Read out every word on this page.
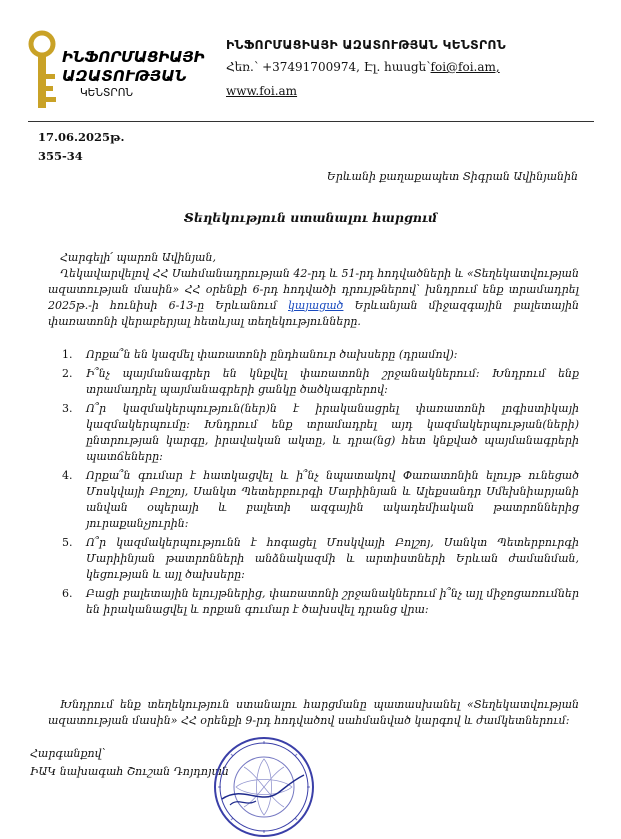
ԻՆՖՈՐՄԱՑԻԱՅԻ
ԱԶԱՏՈՒԹՅԱՆ
ԿԵՆՏՐՈՆ
ԻՆՖՈՐՄԱՑԻԱՅԻ ԱԶԱՏՈՒԹՅԱՆ ԿԵՆՏՐՈՆ
Հեռ.՝ +37491700974, Էլ. հասցե՝foi@foi.am,
www.foi.am
17.06.2025թ.
355-34
Երևանի քաղաքապետ Տիգրան Ավինյանին
Տեղեկություն ստանալու հարցում

Հարգելի՛ պարոն Ավինյան,

Ղեկավարվելով ՀՀ Սահմանադրության 42-րդ և 51-րդ հոդվածների և «Տեղեկատվության ազատության մասին» ՀՀ օրենքի 6-րդ հոդվածի դրույթներով՝ խնդրում ենք տրամադրել 2025թ.-ի հունիսի 6-13-ը Երևանում կայացած Երևանյան միջազգային բալետային փառատոնի վերաբերյալ հետևյալ տեղեկությունները.

1. Որքա՞ն են կազմել փառատոնի ընդհանուր ծախսերը (դրամով):
2. Ի՞նչ պայմանագրեր են կնքվել փառատոնի շրջանակներում: Խնդրում ենք տրամադրել պայմանագրերի ցանկը ծածկագրերով:
3. Ո՞ր կազմակերպություն(ներ)ն է իրականացրել փառատոնի լոգիստիկայի կազմակերպումը: Խնդրում ենք տրամադրել այդ կազմակերպության(ների) ընտրության կարգը, իրավական ակտը, և դրա(նց) հետ կնքված պայմանագրերի պատճեները:
4. Որքա՞ն գումար է հատկացվել և ի՞նչ նպատակով Փառատոնին ելույթ ունեցած Մոսկվայի Բոլշոյ, Սանկտ Պետերբուրգի Մարիինյան և Ալեքսանդր Սմեխնիարյանի անվան օպերայի և բալետի ազգային ակադեմիական թատրոններից յուրաքանչյուրին:
5. Ո՞ր կազմակերպությունն է հոգացել Մոսկվայի Բոլշոյ, Սանկտ Պետերբուրգի Մարիինյան թատրոնների անձնակազմի և արտիստների Երևան ժամանման, կեցության և այլ ծախսերը:
6. Բացի բալետային ելույթներից, փառատոնի շրջանակներում ի՞նչ այլ միջոցառումներ են իրականացվել և որքան գումար է ծախսվել դրանց վրա:

Խնդրում ենք տեղեկություն ստանալու հարցմանը պատասխանել «Տեղեկատվության ազատության մասին» ՀՀ օրենքի 9-րդ հոդվածով սահմանված կարգով և ժամկետներում:

Հարգանքով՝
ԻԱԿ նախագահ Շուշան Դոյդոյան
